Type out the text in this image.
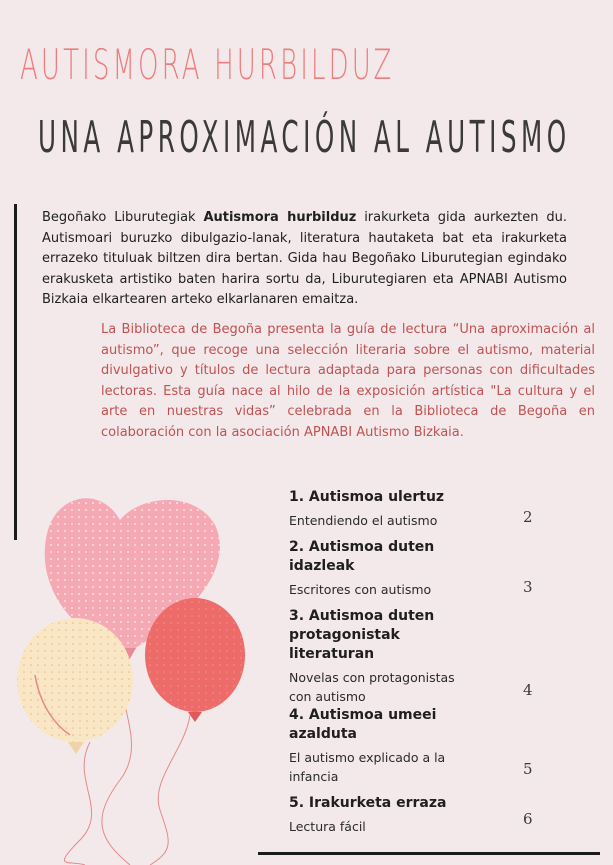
AUTISMORA HURBILDUZ
UNA APROXIMACIÓN AL AUTISMO
Begoñako Liburutegiak Autismora hurbilduz irakurketa gida aurkezten du. Autismoari buruzko dibulgazio-lanak, literatura hautaketa bat eta irakurketa errazeko tituluak biltzen dira bertan. Gida hau Begoñako Liburutegian egindako erakusketa artistiko baten harira sortu da, Liburutegiaren eta APNABI Autismo Bizkaia elkartearen arteko elkarlanaren emaitza.
La Biblioteca de Begoña presenta la guía de lectura “Una aproximación al autismo”, que recoge una selección literaria sobre el autismo, material divulgativo y títulos de lectura adaptada para personas con dificultades lectoras. Esta guía nace al hilo de la exposición artística "La cultura y el arte en nuestras vidas” celebrada en la Biblioteca de Begoña en colaboración con la asociación APNABI Autismo Bizkaia.
1. Autismoa ulertuz
Entendiendo el autismo	2
2. Autismoa duten idazleak
Escritores con autismo	3
3. Autismoa duten protagonistak literaturan
Novelas con protagonistas con autismo	4
4. Autismoa umeei azalduta
El autismo explicado a la infancia	5
5. Irakurketa erraza
Lectura fácil	6
